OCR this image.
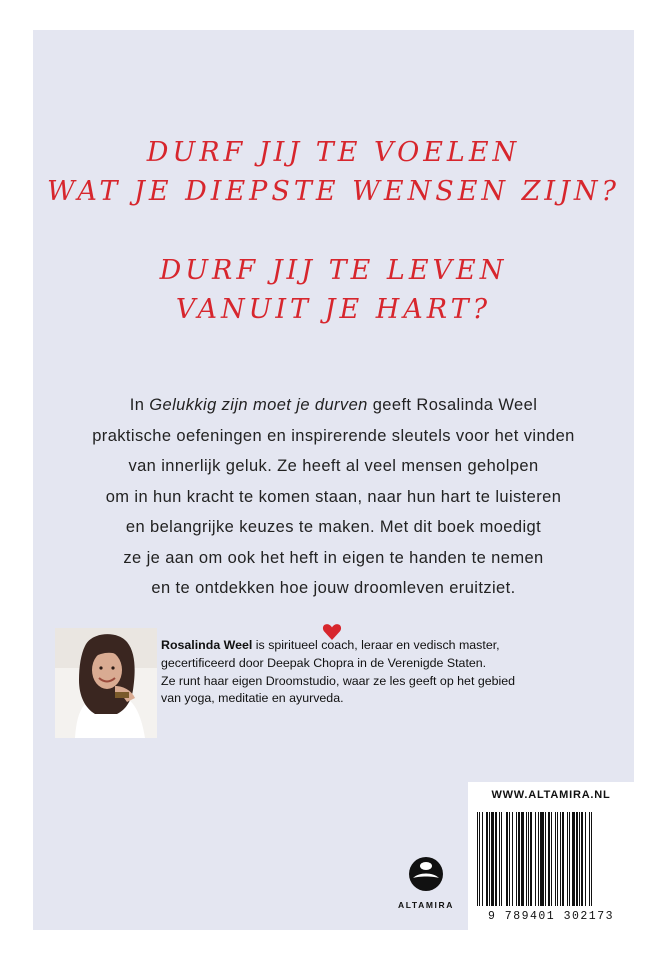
DURF JIJ TE VOELEN
WAT JE DIEPSTE WENSEN ZIJN?
DURF JIJ TE LEVEN
VANUIT JE HART?
In Gelukkig zijn moet je durven geeft Rosalinda Weel
praktische oefeningen en inspirerende sleutels voor het vinden
van innerlijk geluk. Ze heeft al veel mensen geholpen
om in hun kracht te komen staan, naar hun hart te luisteren
en belangrijke keuzes te maken. Met dit boek moedigt
ze je aan om ook het heft in eigen te handen te nemen
en te ontdekken hoe jouw droomleven eruitziet.
Rosalinda Weel is spiritueel coach, leraar en vedisch master,
gecertificeerd door Deepak Chopra in de Verenigde Staten.
Ze runt haar eigen Droomstudio, waar ze les geeft op het gebied
van yoga, meditatie en ayurveda.
ALTAMIRA
WWW.ALTAMIRA.NL
9 789401 302173
